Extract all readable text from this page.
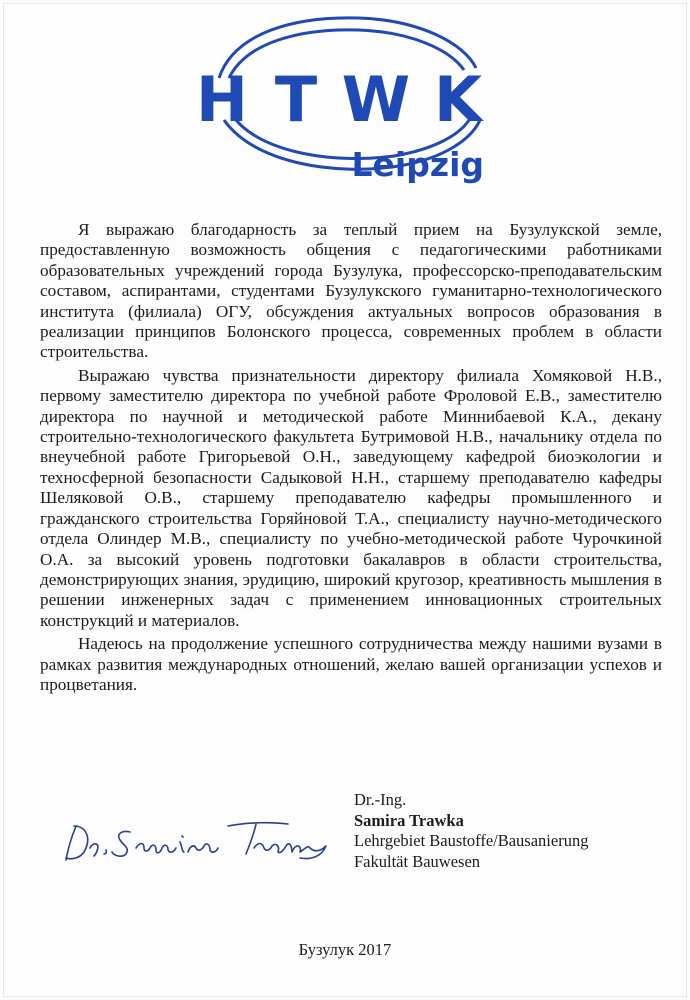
H T W K
Leipzig

Я выражаю благодарность за теплый прием на Бузулукской земле, предоставленную возможность общения с педагогическими работниками образовательных учреждений города Бузулука, профессорско-преподавательским составом, аспирантами, студентами Бузулукского гуманитарно-технологического института (филиала) ОГУ, обсуждения актуальных вопросов образования в реализации принципов Болонского процесса, современных проблем в области строительства.

Выражаю чувства признательности директору филиала Хомяковой Н.В., первому заместителю директора по учебной работе Фроловой Е.В., заместителю директора по научной и методической работе Миннибаевой К.А., декану строительно-технологического факультета Бутримовой Н.В., начальнику отдела по внеучебной работе Григорьевой О.Н., заведующему кафедрой биоэкологии и техносферной безопасности Садыковой Н.Н., старшему преподавателю кафедры Шеляковой О.В., старшему преподавателю кафедры промышленного и гражданского строительства Горяйновой Т.А., специалисту научно-методического отдела Олиндер М.В., специалисту по учебно-методической работе Чурочкиной О.А. за высокий уровень подготовки бакалавров в области строительства, демонстрирующих знания, эрудицию, широкий кругозор, креативность мышления в решении инженерных задач с применением инновационных строительных конструкций и материалов.

Надеюсь на продолжение успешного сотрудничества между нашими вузами в рамках развития международных отношений, желаю вашей организации успехов и процветания.

Dr.-Ing.
Samira Trawka
Lehrgebiet Baustoffe/Bausanierung
Fakultät Bauwesen
Бузулук 2017
